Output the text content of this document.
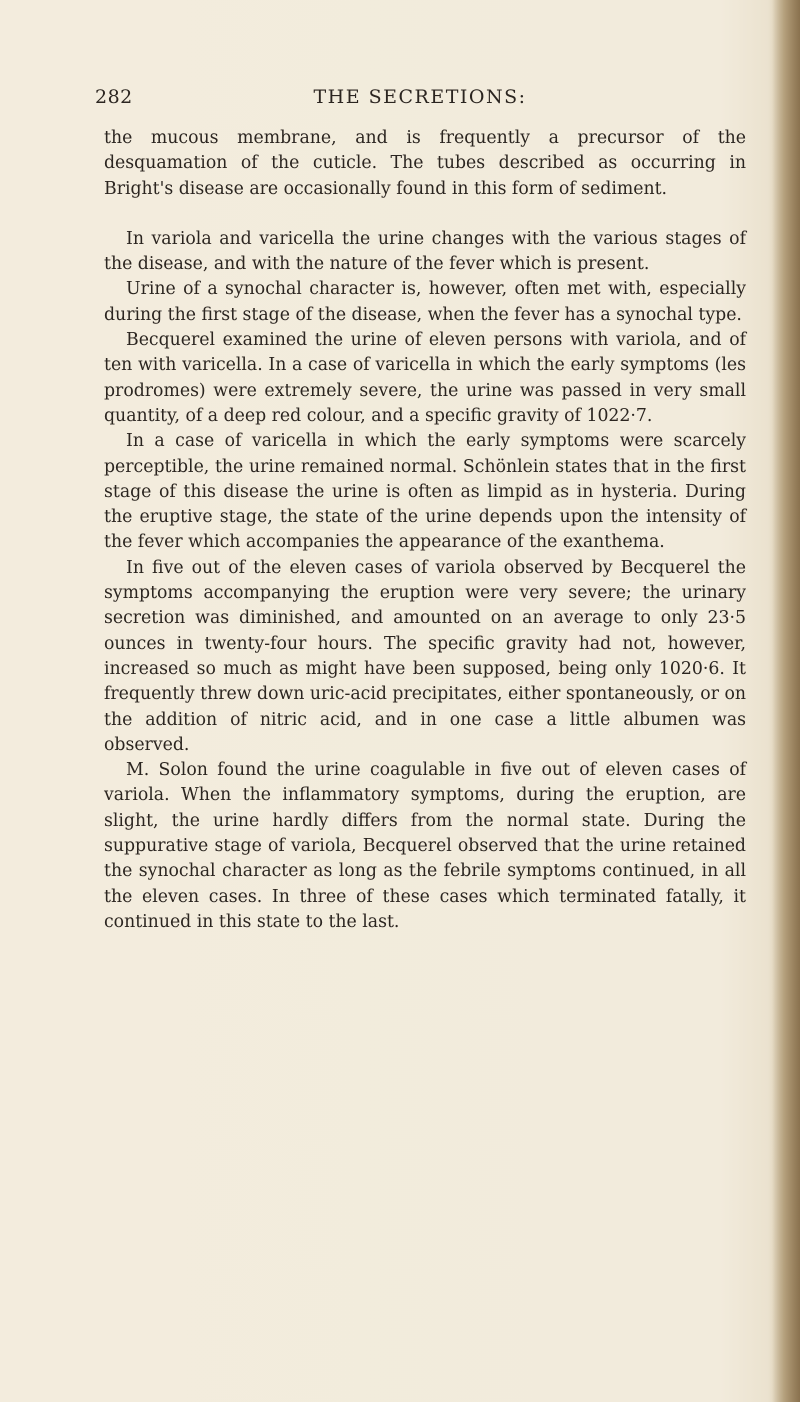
282	THE SECRETIONS:

the mucous membrane, and is frequently a precursor of the desquamation of the cuticle. The tubes described as occurring in Bright's disease are occasionally found in this form of sediment.

In variola and varicella the urine changes with the various stages of the disease, and with the nature of the fever which is present.

Urine of a synochal character is, however, often met with, especially during the first stage of the disease, when the fever has a synochal type.

Becquerel examined the urine of eleven persons with variola, and of ten with varicella. In a case of varicella in which the early symptoms (les prodromes) were extremely severe, the urine was passed in very small quantity, of a deep red colour, and a specific gravity of 1022·7.

In a case of varicella in which the early symptoms were scarcely perceptible, the urine remained normal. Schönlein states that in the first stage of this disease the urine is often as limpid as in hysteria. During the eruptive stage, the state of the urine depends upon the intensity of the fever which accompanies the appearance of the exanthema.

In five out of the eleven cases of variola observed by Becquerel the symptoms accompanying the eruption were very severe; the urinary secretion was diminished, and amounted on an average to only 23·5 ounces in twenty-four hours. The specific gravity had not, however, increased so much as might have been supposed, being only 1020·6. It frequently threw down uric-acid precipitates, either spontaneously, or on the addition of nitric acid, and in one case a little albumen was observed.

M. Solon found the urine coagulable in five out of eleven cases of variola. When the inflammatory symptoms, during the eruption, are slight, the urine hardly differs from the normal state. During the suppurative stage of variola, Becquerel observed that the urine retained the synochal character as long as the febrile symptoms continued, in all the eleven cases. In three of these cases which terminated fatally, it continued in this state to the last.
